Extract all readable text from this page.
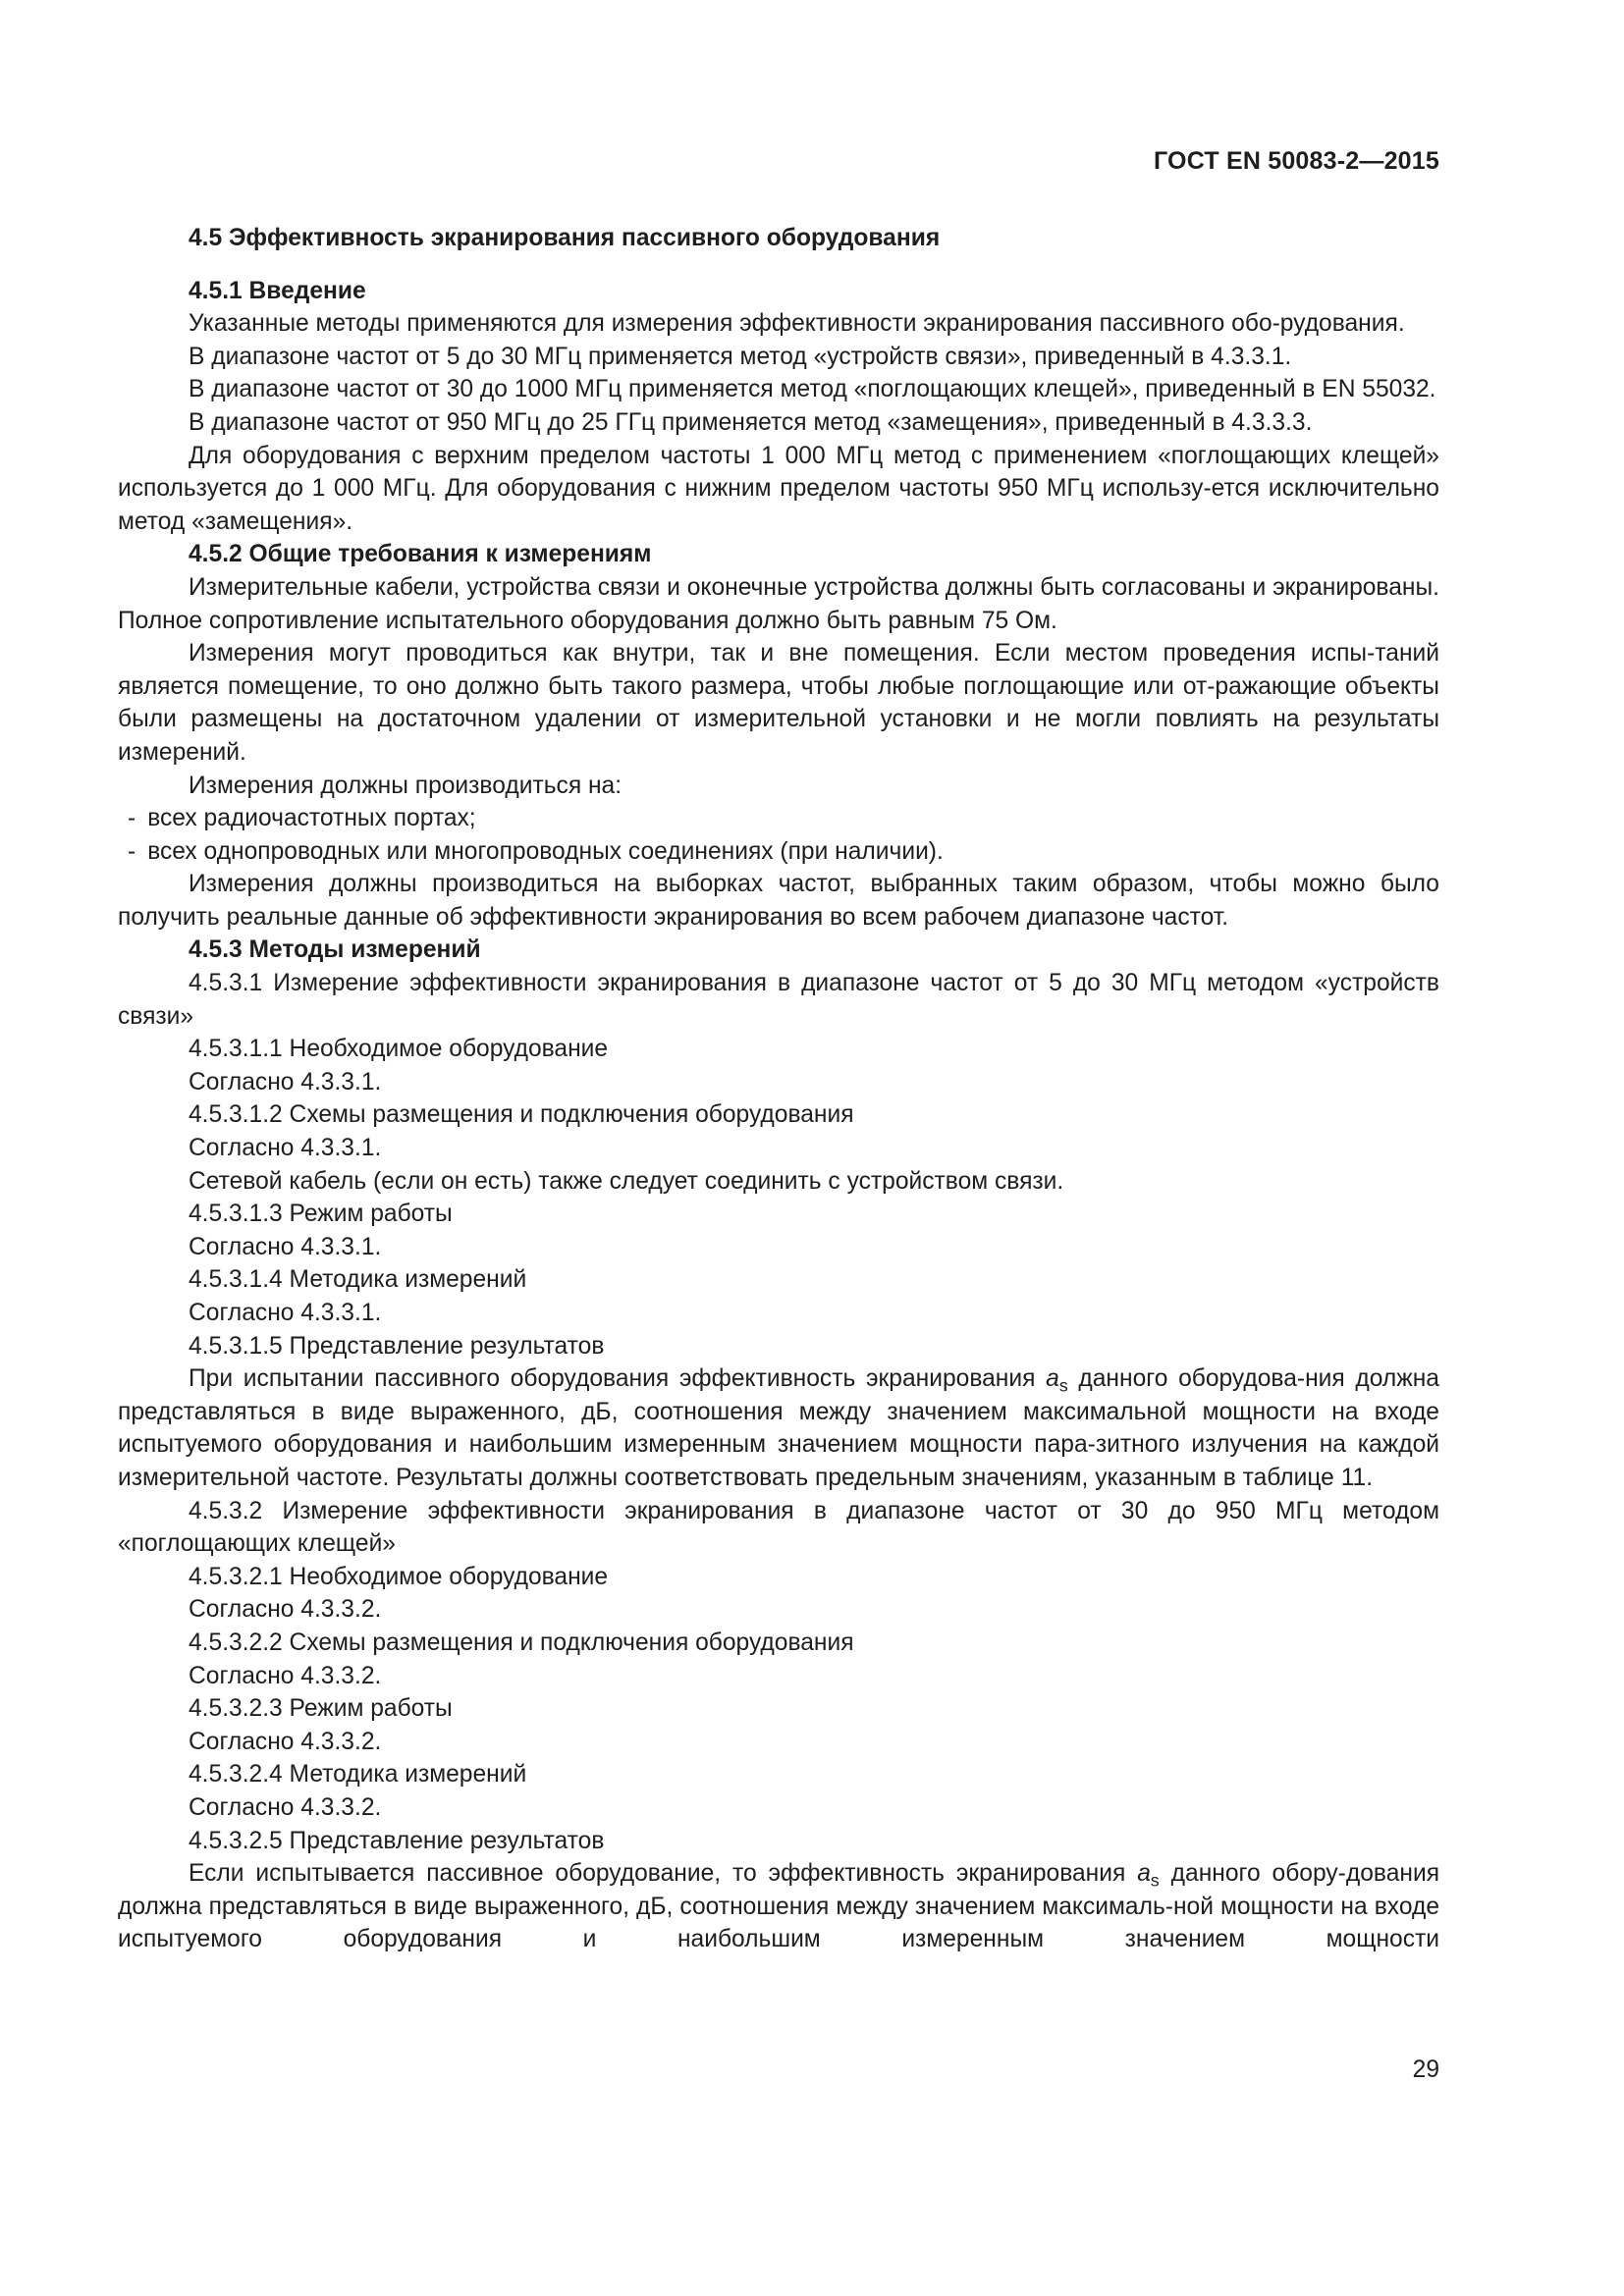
ГОСТ EN 50083-2—2015

4.5 Эффективность экранирования пассивного оборудования

4.5.1 Введение

Указанные методы применяются для измерения эффективности экранирования пассивного обо-рудования.

В диапазоне частот от 5 до 30 МГц применяется метод «устройств связи», приведенный в 4.3.3.1.

В диапазоне частот от 30 до 1000 МГц применяется метод «поглощающих клещей», приведенный в EN 55032.

В диапазоне частот от 950 МГц до 25 ГГц применяется метод «замещения», приведенный в 4.3.3.3.

Для оборудования с верхним пределом частоты 1 000 МГц метод с применением «поглощающих клещей» используется до 1 000 МГц. Для оборудования с нижним пределом частоты 950 МГц использу-ется исключительно метод «замещения».

4.5.2 Общие требования к измерениям

Измерительные кабели, устройства связи и оконечные устройства должны быть согласованы и экранированы. Полное сопротивление испытательного оборудования должно быть равным 75 Ом.

Измерения могут проводиться как внутри, так и вне помещения. Если местом проведения испы-таний является помещение, то оно должно быть такого размера, чтобы любые поглощающие или от-ражающие объекты были размещены на достаточном удалении от измерительной установки и не могли повлиять на результаты измерений.

Измерения должны производиться на:

- всех радиочастотных портах;

- всех однопроводных или многопроводных соединениях (при наличии).

Измерения должны производиться на выборках частот, выбранных таким образом, чтобы можно было получить реальные данные об эффективности экранирования во всем рабочем диапазоне частот.

4.5.3 Методы измерений

4.5.3.1 Измерение эффективности экранирования в диапазоне частот от 5 до 30 МГц методом «устройств связи»

4.5.3.1.1 Необходимое оборудование

Согласно 4.3.3.1.

4.5.3.1.2 Схемы размещения и подключения оборудования

Согласно 4.3.3.1.

Сетевой кабель (если он есть) также следует соединить с устройством связи.

4.5.3.1.3 Режим работы

Согласно 4.3.3.1.

4.5.3.1.4 Методика измерений

Согласно 4.3.3.1.

4.5.3.1.5 Представление результатов

При испытании пассивного оборудования эффективность экранирования $a_s$ данного оборудова-ния должна представляться в виде выраженного, дБ, соотношения между значением максимальной мощности на входе испытуемого оборудования и наибольшим измеренным значением мощности пара-зитного излучения на каждой измерительной частоте. Результаты должны соответствовать предельным значениям, указанным в таблице 11.

4.5.3.2 Измерение эффективности экранирования в диапазоне частот от 30 до 950 МГц методом «поглощающих клещей»

4.5.3.2.1 Необходимое оборудование

Согласно 4.3.3.2.

4.5.3.2.2 Схемы размещения и подключения оборудования

Согласно 4.3.3.2.

4.5.3.2.3 Режим работы

Согласно 4.3.3.2.

4.5.3.2.4 Методика измерений

Согласно 4.3.3.2.

4.5.3.2.5 Представление результатов

Если испытывается пассивное оборудование, то эффективность экранирования $a_s$ данного обору-дования должна представляться в виде выраженного, дБ, соотношения между значением максималь-ной мощности на входе испытуемого оборудования и наибольшим измеренным значением мощности

29
